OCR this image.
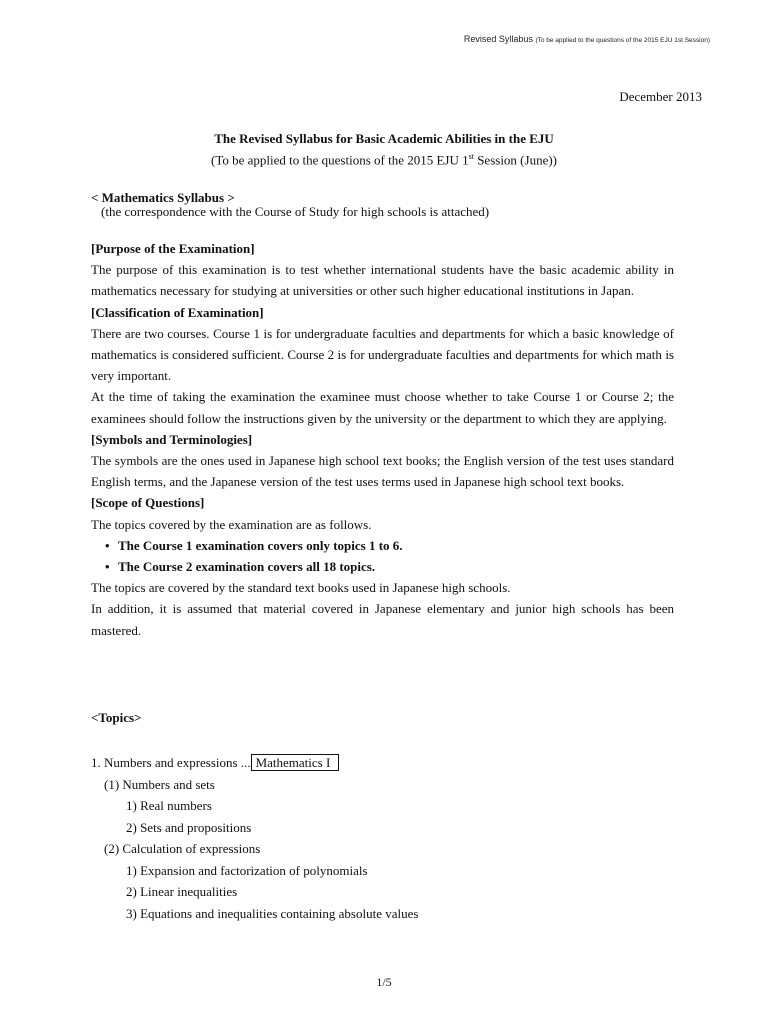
Revised Syllabus (To be applied to the questions of the 2015 EJU 1st Session)
December 2013
The Revised Syllabus for Basic Academic Abilities in the EJU
(To be applied to the questions of the 2015 EJU 1st Session (June))
< Mathematics Syllabus >
(the correspondence with the Course of Study for high schools is attached)
[Purpose of the Examination]

The purpose of this examination is to test whether international students have the basic academic ability in mathematics necessary for studying at universities or other such higher educational institutions in Japan.

[Classification of Examination]

There are two courses. Course 1 is for undergraduate faculties and departments for which a basic knowledge of mathematics is considered sufficient. Course 2 is for undergraduate faculties and departments for which math is very important.

At the time of taking the examination the examinee must choose whether to take Course 1 or Course 2; the examinees should follow the instructions given by the university or the department to which they are applying.

[Symbols and Terminologies]

The symbols are the ones used in Japanese high school text books; the English version of the test uses standard English terms, and the Japanese version of the test uses terms used in Japanese high school text books.

[Scope of Questions]

The topics covered by the examination are as follows.

• The Course 1 examination covers only topics 1 to 6.
• The Course 2 examination covers all 18 topics.

The topics are covered by the standard text books used in Japanese high schools.

In addition, it is assumed that material covered in Japanese elementary and junior high schools has been mastered.

<Topics>
1. Numbers and expressions ... Mathematics I
(1) Numbers and sets
1) Real numbers
2) Sets and propositions
(2) Calculation of expressions
1) Expansion and factorization of polynomials
2) Linear inequalities
3) Equations and inequalities containing absolute values
1/5
